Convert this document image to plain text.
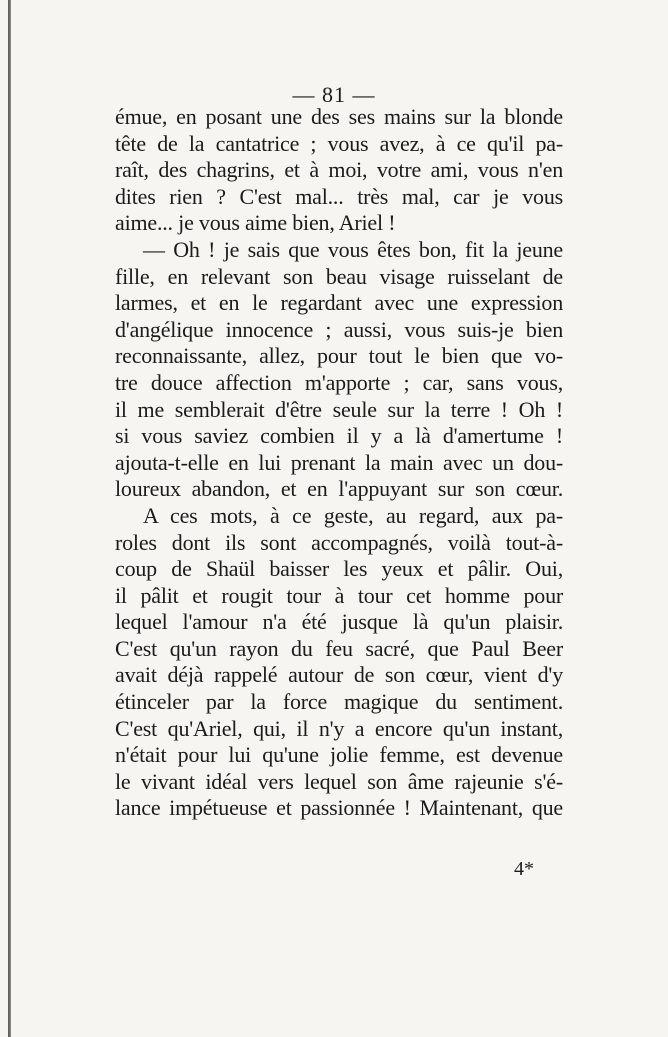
— 81 —
émue, en posant une des ses mains sur la blonde
tête de la cantatrice ; vous avez, à ce qu'il pa-
raît, des chagrins, et à moi, votre ami, vous n'en
dites rien ? C'est mal... très mal, car je vous
aime... je vous aime bien, Ariel !
— Oh ! je sais que vous êtes bon, fit la jeune
fille, en relevant son beau visage ruisselant de
larmes, et en le regardant avec une expression
d'angélique innocence ; aussi, vous suis-je bien
reconnaissante, allez, pour tout le bien que vo-
tre douce affection m'apporte ; car, sans vous,
il me semblerait d'être seule sur la terre ! Oh !
si vous saviez combien il y a là d'amertume !
ajouta-t-elle en lui prenant la main avec un dou-
loureux abandon, et en l'appuyant sur son cœur.
A ces mots, à ce geste, au regard, aux pa-
roles dont ils sont accompagnés, voilà tout-à-
coup de Shaül baisser les yeux et pâlir. Oui,
il pâlit et rougit tour à tour cet homme pour
lequel l'amour n'a été jusque là qu'un plaisir.
C'est qu'un rayon du feu sacré, que Paul Beer
avait déjà rappelé autour de son cœur, vient d'y
étinceler par la force magique du sentiment.
C'est qu'Ariel, qui, il n'y a encore qu'un instant,
n'était pour lui qu'une jolie femme, est devenue
le vivant idéal vers lequel son âme rajeunie s'é-
lance impétueuse et passionnée ! Maintenant, que
4*
